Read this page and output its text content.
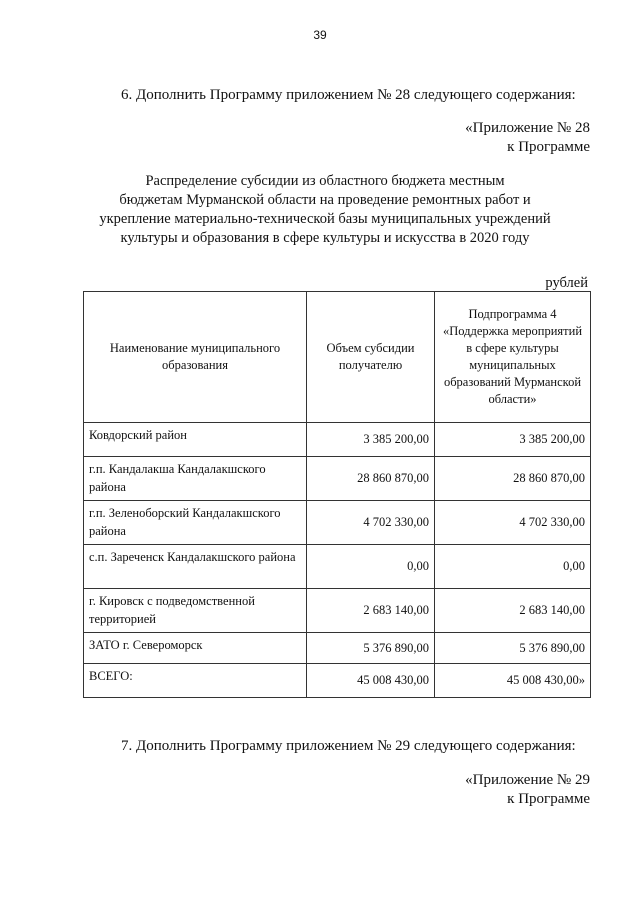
39
6. Дополнить Программу приложением № 28 следующего содержания:
«Приложение № 28
к Программе
Распределение субсидии из областного бюджета местным
бюджетам Мурманской области на проведение ремонтных работ и
укрепление материально-технической базы муниципальных учреждений
культуры и образования в сфере культуры и искусства в 2020 году
рублей
Наименование муниципального образования	Объем субсидии получателю	Подпрограмма 4 «Поддержка мероприятий в сфере культуры муниципальных образований Мурманской области»
Ковдорский район	3 385 200,00	3 385 200,00
г.п. Кандалакша Кандалакшского района	28 860 870,00	28 860 870,00
г.п. Зеленоборский Кандалакшского района	4 702 330,00	4 702 330,00
с.п. Зареченск Кандалакшского района	0,00	0,00
г. Кировск с подведомственной территорией	2 683 140,00	2 683 140,00
ЗАТО г. Североморск	5 376 890,00	5 376 890,00
ВСЕГО:	45 008 430,00	45 008 430,00»
7. Дополнить Программу приложением № 29 следующего содержания:
«Приложение № 29
к Программе
